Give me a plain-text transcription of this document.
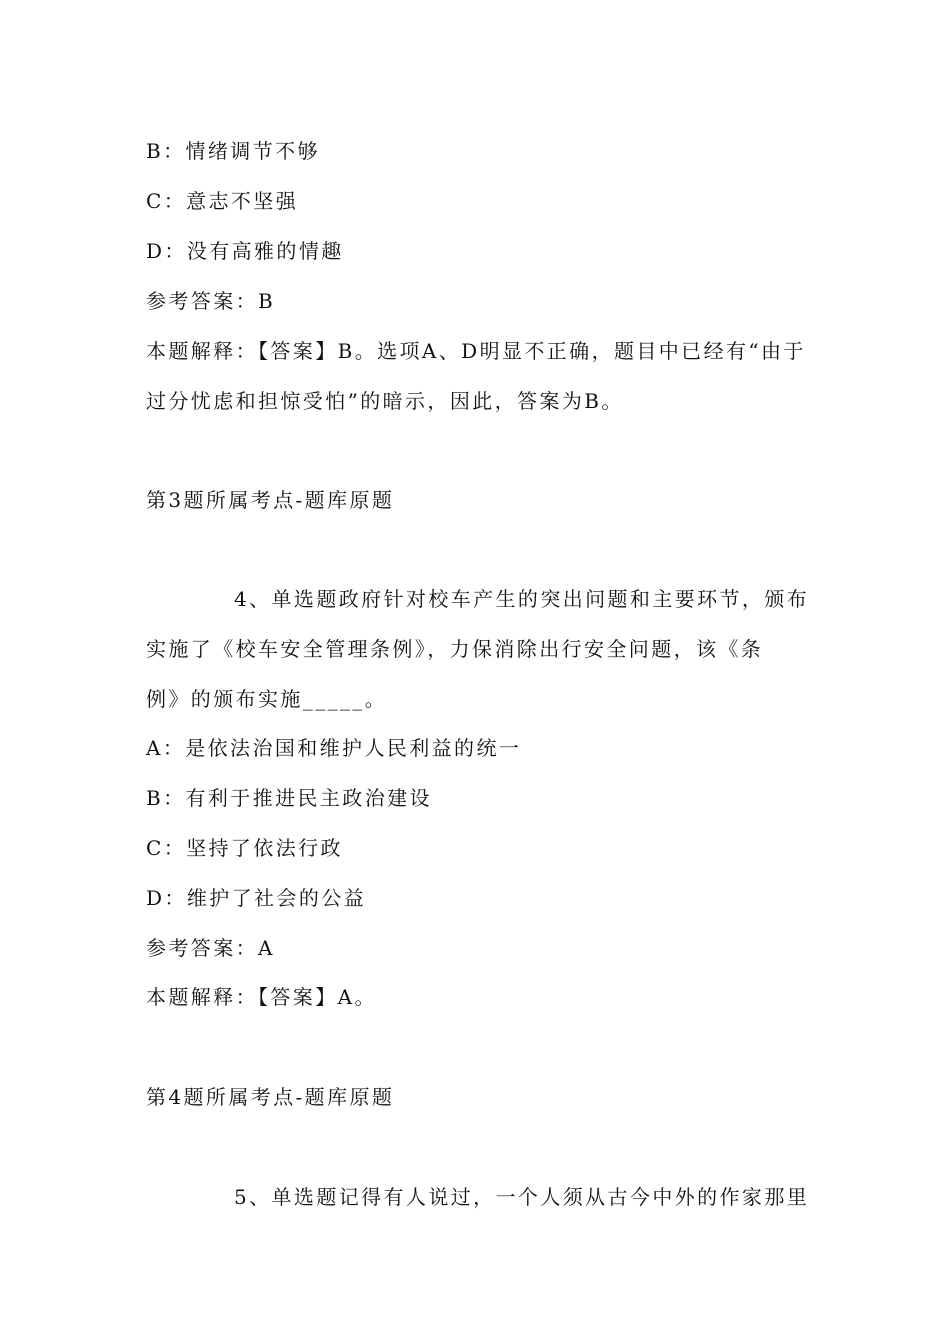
B：情绪调节不够
C：意志不坚强
D：没有高雅的情趣
参考答案：B
本题解释：【答案】B。选项A、D明显不正确，题目中已经有“由于
过分忧虑和担惊受怕”的暗示，因此，答案为B。
第3题所属考点-题库原题
4、单选题政府针对校车产生的突出问题和主要环节，颁布
实施了《校车安全管理条例》，力保消除出行安全问题，该《条
例》的颁布实施_____。
A：是依法治国和维护人民利益的统一
B：有利于推进民主政治建设
C：坚持了依法行政
D：维护了社会的公益
参考答案：A
本题解释：【答案】A。
第4题所属考点-题库原题
5、单选题记得有人说过，一个人须从古今中外的作家那里
